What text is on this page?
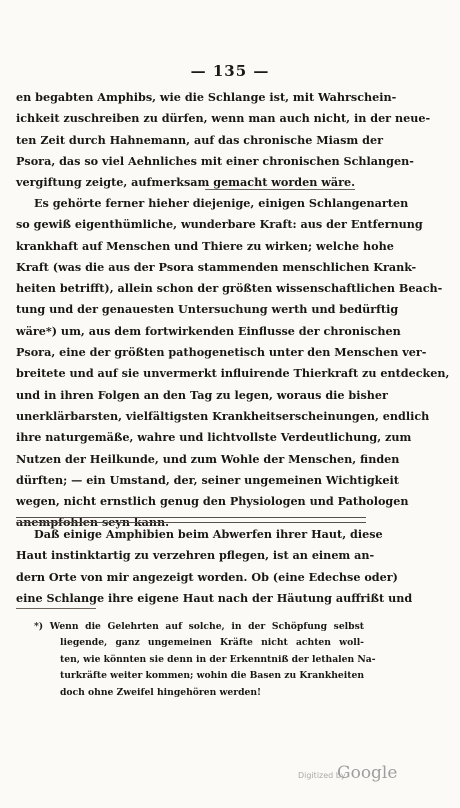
— 135 —
en begabten Amphibs, wie die Schlange ist, mit Wahrschein-
ichkeit zuschreiben zu dürfen, wenn man auch nicht, in der neue-
ten Zeit durch Hahnemann, auf das chronische Miasm der
Psora, das so viel Aehnliches mit einer chronischen Schlangen-
vergiftung zeigte, aufmerksam gemacht worden wäre.
Es gehörte ferner hieher diejenige, einigen Schlangenarten
so gewiß eigenthümliche, wunderbare Kraft: aus der Entfernung
krankhaft auf Menschen und Thiere zu wirken; welche hohe
Kraft (was die aus der Psora stammenden menschlichen Krank-
heiten betrifft), allein schon der größten wissenschaftlichen Beach-
tung und der genauesten Untersuchung werth und bedürftig
wäre*) um, aus dem fortwirkenden Einflusse der chronischen
Psora, eine der größten pathogenetisch unter den Menschen ver-
breitete und auf sie unvermerkt influirende Thierkraft zu entdecken,
und in ihren Folgen an den Tag zu legen, woraus die bisher
unerklärbarsten, vielfältigsten Krankheitserscheinungen, endlich
ihre naturgemäße, wahre und lichtvollste Verdeutlichung, zum
Nutzen der Heilkunde, und zum Wohle der Menschen, finden
dürften; — ein Umstand, der, seiner ungemeinen Wichtigkeit
wegen, nicht ernstlich genug den Physiologen und Pathologen
anempfohlen seyn kann.
Daß einige Amphibien beim Abwerfen ihrer Haut, diese
Haut instinktartig zu verzehren pflegen, ist an einem an-
dern Orte von mir angezeigt worden. Ob (eine Edechse oder)
eine Schlange ihre eigene Haut nach der Häutung auffrißt und
*) Wenn die Gelehrten auf solche, in der Schöpfung selbst
liegende, ganz ungemeinen Kräfte nicht achten woll-
ten, wie könnten sie denn in der Erkenntniß der lethalen Na-
turkräfte weiter kommen; wohin die Basen zu Krankheiten
doch ohne Zweifel hingehören werden!
Digitized by
Google
